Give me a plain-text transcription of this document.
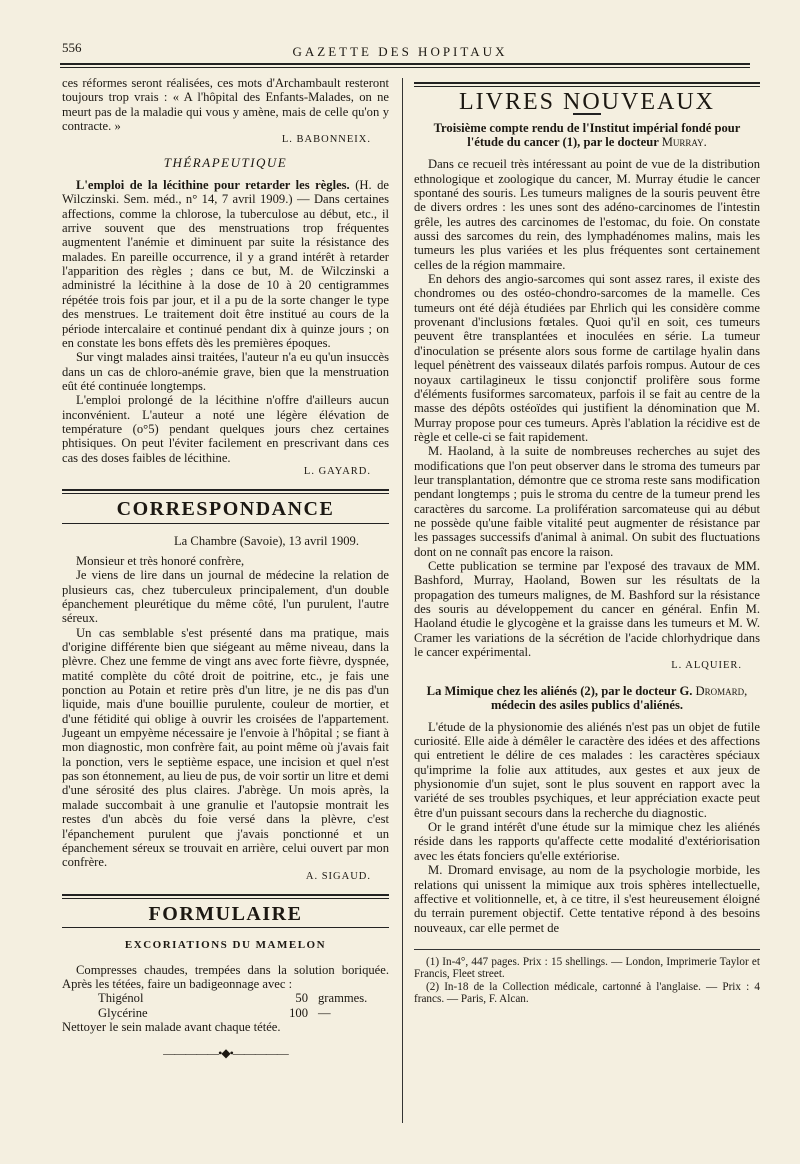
556	GAZETTE DES HOPITAUX

ces réformes seront réalisées, ces mots d'Archambault resteront toujours trop vrais : « A l'hôpital des Enfants-Malades, on ne meurt pas de la maladie qui vous y amène, mais de celle qu'on y contracte. »

L. BABONNEIX.
THÉRAPEUTIQUE

L'emploi de la lécithine pour retarder les règles. (H. de Wilczinski. Sem. méd., n° 14, 7 avril 1909.) — Dans certaines affections, comme la chlorose, la tuberculose au début, etc., il arrive souvent que des menstruations trop fréquentes augmentent l'anémie et diminuent par suite la résistance des malades. En pareille occurrence, il y a grand intérêt à retarder l'apparition des règles ; dans ce but, M. de Wilczinski a administré la lécithine à la dose de 10 à 20 centigrammes répétée trois fois par jour, et il a pu de la sorte changer le type des menstrues. Le traitement doit être institué au cours de la période intercalaire et continué pendant dix à quinze jours ; on en constate les bons effets dès les premières époques.

Sur vingt malades ainsi traitées, l'auteur n'a eu qu'un insuccès dans un cas de chloro-anémie grave, bien que la menstruation eût été continuée longtemps.

L'emploi prolongé de la lécithine n'offre d'ailleurs aucun inconvénient. L'auteur a noté une légère élévation de température (o°5) pendant quelques jours chez certaines phtisiques. On peut l'éviter facilement en prescrivant dans ces cas des doses faibles de lécithine.

L. GAYARD.
CORRESPONDANCE
La Chambre (Savoie), 13 avril 1909.

Monsieur et très honoré confrère,

Je viens de lire dans un journal de médecine la relation de plusieurs cas, chez tuberculeux principalement, d'un double épanchement pleurétique du même côté, l'un purulent, l'autre séreux.

Un cas semblable s'est présenté dans ma pratique, mais d'origine différente bien que siégeant au même niveau, dans la plèvre. Chez une femme de vingt ans avec forte fièvre, dyspnée, matité complète du côté droit de poitrine, etc., je fais une ponction au Potain et retire près d'un litre, je ne dis pas d'un liquide, mais d'une bouillie purulente, couleur de mortier, et d'une fétidité qui oblige à ouvrir les croisées de l'appartement. Jugeant un empyème nécessaire je l'envoie à l'hôpital ; se fiant à mon diagnostic, mon confrère fait, au point même où j'avais fait la ponction, vers le septième espace, une incision et quel n'est pas son étonnement, au lieu de pus, de voir sortir un litre et demi d'une sérosité des plus claires. J'abrège. Un mois après, la malade succombait à une granulie et l'autopsie montrait les restes d'un abcès du foie versé dans la plèvre, c'est l'épanchement purulent que j'avais ponctionné et un épanchement séreux se trouvait en arrière, celui ouvert par mon confrère.

A. SIGAUD.
FORMULAIRE
EXCORIATIONS DU MAMELON

Compresses chaudes, trempées dans la solution boriquée. Après les tétées, faire un badigeonnage avec :

Thigénol	50 grammes.
Glycérine	100 —

Nettoyer le sein malade avant chaque tétée.

—————•◆•—————
LIVRES NOUVEAUX
Troisième compte rendu de l'Institut impérial fondé pour l'étude du cancer (1), par le docteur Murray.

Dans ce recueil très intéressant au point de vue de la distribution ethnologique et zoologique du cancer, M. Murray étudie le cancer spontané des souris. Les tumeurs malignes de la souris peuvent être de divers ordres : les unes sont des adéno-carcinomes de l'intestin grêle, les autres des carcinomes de l'estomac, du foie. On constate aussi des sarcomes du rein, des lymphadénomes malins, mais les tumeurs les plus variées et les plus fréquentes sont certainement celles de la région mammaire.

En dehors des angio-sarcomes qui sont assez rares, il existe des chondromes ou des ostéo-chondro-sarcomes de la mamelle. Ces tumeurs ont été déjà étudiées par Ehrlich qui les considère comme provenant d'inclusions fœtales. Quoi qu'il en soit, ces tumeurs peuvent être transplantées et inoculées en série. La tumeur d'inoculation se présente alors sous forme de cartilage hyalin dans lequel pénètrent des vaisseaux dilatés parfois rompus. Autour de ces noyaux cartilagineux le tissu conjonctif prolifère sous forme d'éléments fusiformes sarcomateux, parfois il se fait au centre de la masse des dépôts ostéoïdes qui justifient la dénomination que M. Murray propose pour ces tumeurs. Après l'ablation la récidive est de règle et celle-ci se fait rapidement.

M. Haoland, à la suite de nombreuses recherches au sujet des modifications que l'on peut observer dans le stroma des tumeurs par leur transplantation, démontre que ce stroma reste sans modification pendant longtemps ; puis le stroma du centre de la tumeur prend les caractères du sarcome. La prolifération sarcomateuse qui au début ne possède qu'une faible vitalité peut augmenter de résistance par les passages successifs d'animal à animal. On subit des fluctuations dont on ne connaît pas encore la raison.

Cette publication se termine par l'exposé des travaux de MM. Bashford, Murray, Haoland, Bowen sur les résultats de la propagation des tumeurs malignes, de M. Bashford sur la résistance des souris au développement du cancer en général. Enfin M. Haoland étudie le glycogène et la graisse dans les tumeurs et M. W. Cramer les variations de la sécrétion de l'acide chlorhydrique dans le cancer expérimental.

L. ALQUIER.
La Mimique chez les aliénés (2), par le docteur G. Dromard, médecin des asiles publics d'aliénés.

L'étude de la physionomie des aliénés n'est pas un objet de futile curiosité. Elle aide à démêler le caractère des idées et des affections qui entretient le délire de ces malades : les caractères spéciaux qu'imprime la folie aux attitudes, aux gestes et aux jeux de physionomie d'un sujet, sont le plus souvent en rapport avec la variété de ses troubles psychiques, et leur appréciation exacte peut être d'un puissant secours dans la recherche du diagnostic.

Or le grand intérêt d'une étude sur la mimique chez les aliénés réside dans les rapports qu'affecte cette modalité d'extériorisation avec les états fonciers qu'elle extériorise.

M. Dromard envisage, au nom de la psychologie morbide, les relations qui unissent la mimique aux trois sphères intellectuelle, affective et volitionnelle, et, à ce titre, il s'est heureusement éloigné du terrain purement objectif. Cette tentative répond à des besoins nouveaux, car elle permet de

(1) In-4°, 447 pages. Prix : 15 shellings. — London, Imprimerie Taylor et Francis, Fleet street.

(2) In-18 de la Collection médicale, cartonné à l'anglaise. — Prix : 4 francs. — Paris, F. Alcan.
